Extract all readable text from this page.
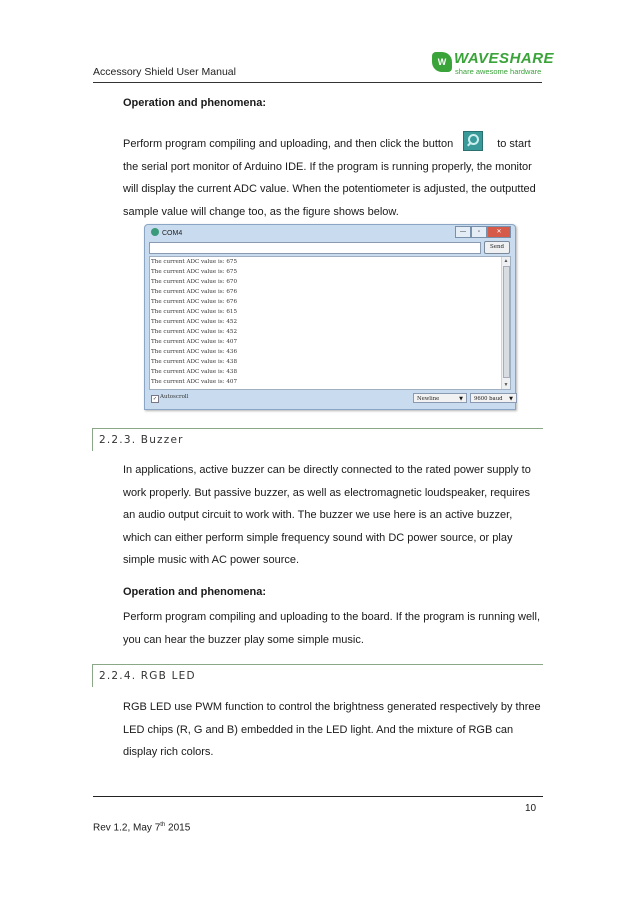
Accessory Shield User Manual
W WAVESHARE
share awesome hardware
Operation and phenomena:
Perform program compiling and uploading, and then click the button	to start the serial port monitor of Arduino IDE. If the program is running properly, the monitor will display the current ADC value. When the potentiometer is adjusted, the outputted sample value will change too, as the figure shows below.
COM4	—	▫	✕
Send
The current ADC value is: 675
The current ADC value is: 675
The current ADC value is: 670
The current ADC value is: 676
The current ADC value is: 676
The current ADC value is: 615
The current ADC value is: 452
The current ADC value is: 452
The current ADC value is: 407
The current ADC value is: 436
The current ADC value is: 438
The current ADC value is: 438
The current ADC value is: 407
▲
▼
✓ Autoscroll	Newline	▼	9600 baud ▼
2.2.3. Buzzer
In applications, active buzzer can be directly connected to the rated power supply to work properly. But passive buzzer, as well as electromagnetic loudspeaker, requires an audio output circuit to work with. The buzzer we use here is an active buzzer, which can either perform simple frequency sound with DC power source, or play simple music with AC power source.
Operation and phenomena:
Perform program compiling and uploading to the board. If the program is running well, you can hear the buzzer play some simple music.
2.2.4. RGB LED
RGB LED use PWM function to control the brightness generated respectively by three LED chips (R, G and B) embedded in the LED light. And the mixture of RGB can display rich colors.
10
Rev 1.2, May 7th 2015
